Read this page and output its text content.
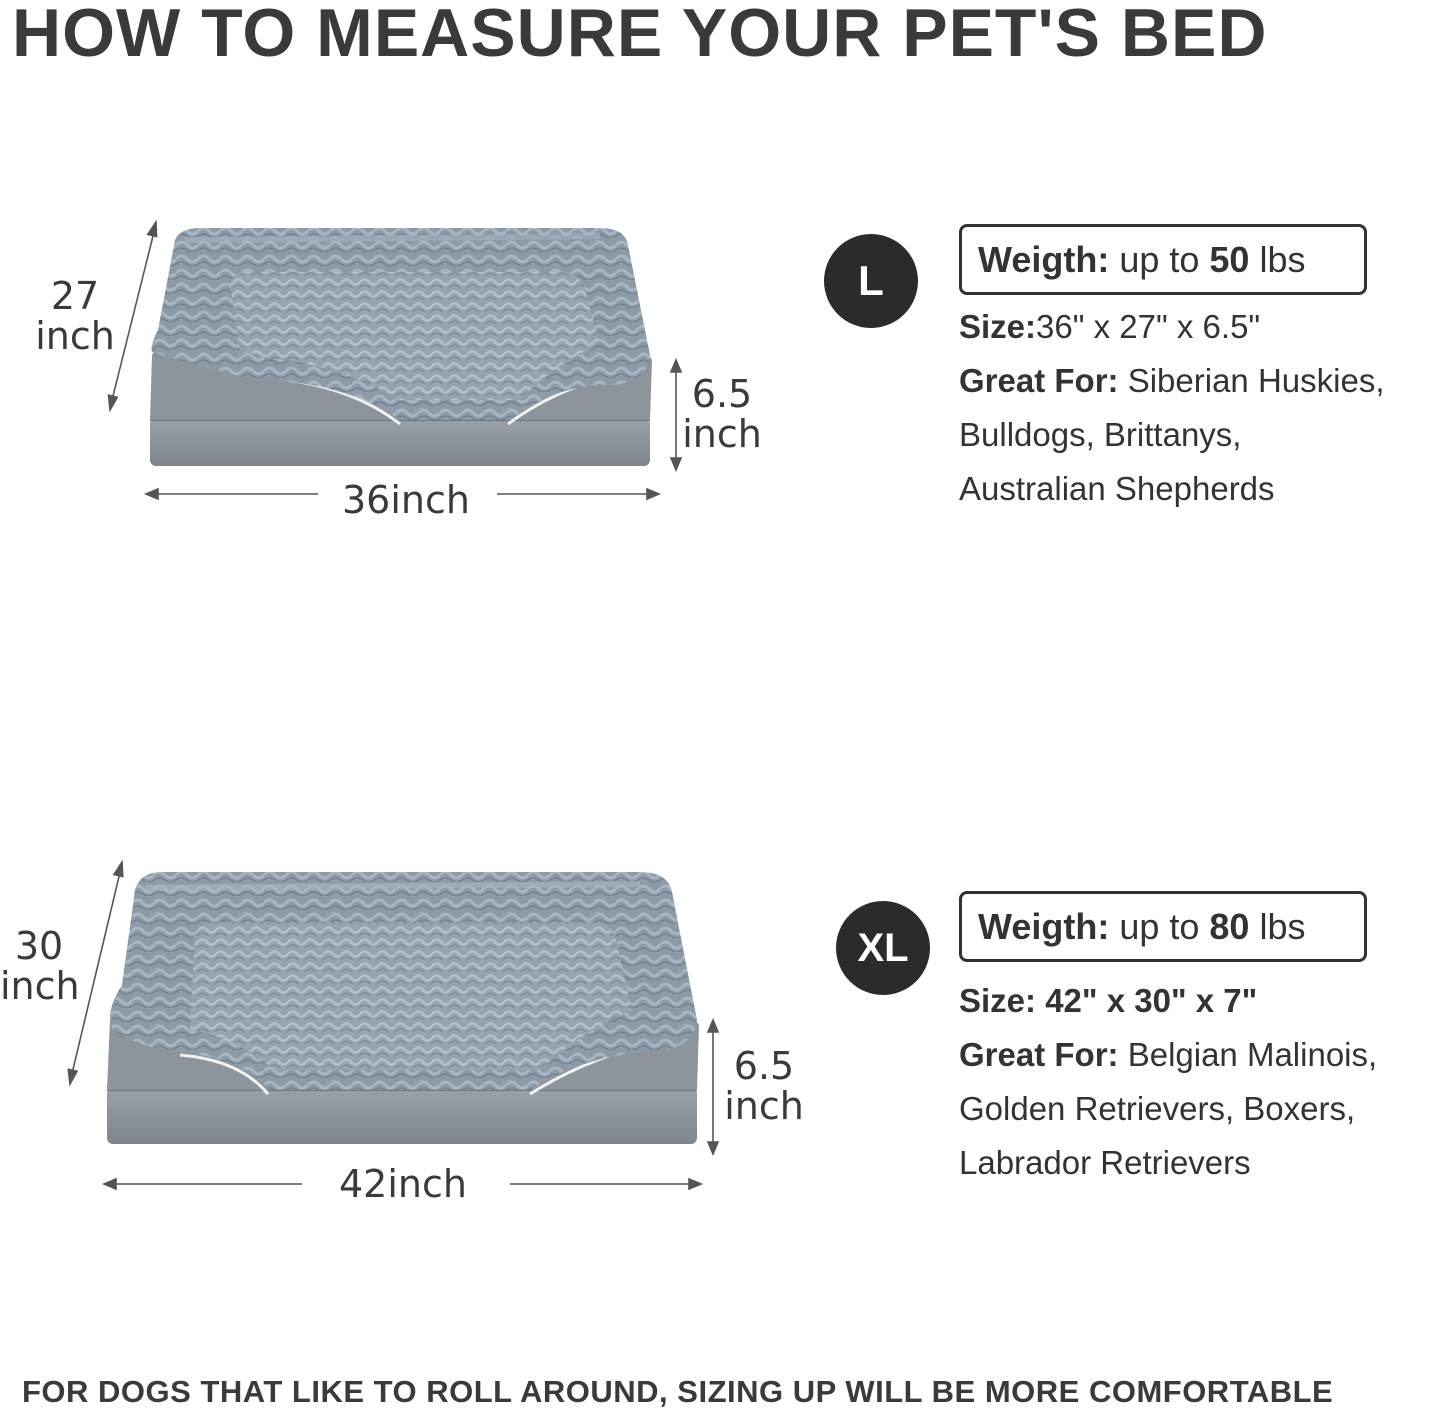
HOW TO MEASURE YOUR PET'S BED
27
inch
6.5
inch
36inch
30
inch
6.5
inch
42inch
L	Weigth: up to 50 lbs
Size:36" x 27" x 6.5"
Great For: Siberian Huskies,
Bulldogs, Brittanys,
Australian Shepherds
XL	Weigth: up to 80 lbs
Size: 42" x 30" x 7"
Great For: Belgian Malinois,
Golden Retrievers, Boxers,
Labrador Retrievers

FOR DOGS THAT LIKE TO ROLL AROUND, SIZING UP WILL BE MORE COMFORTABLE
